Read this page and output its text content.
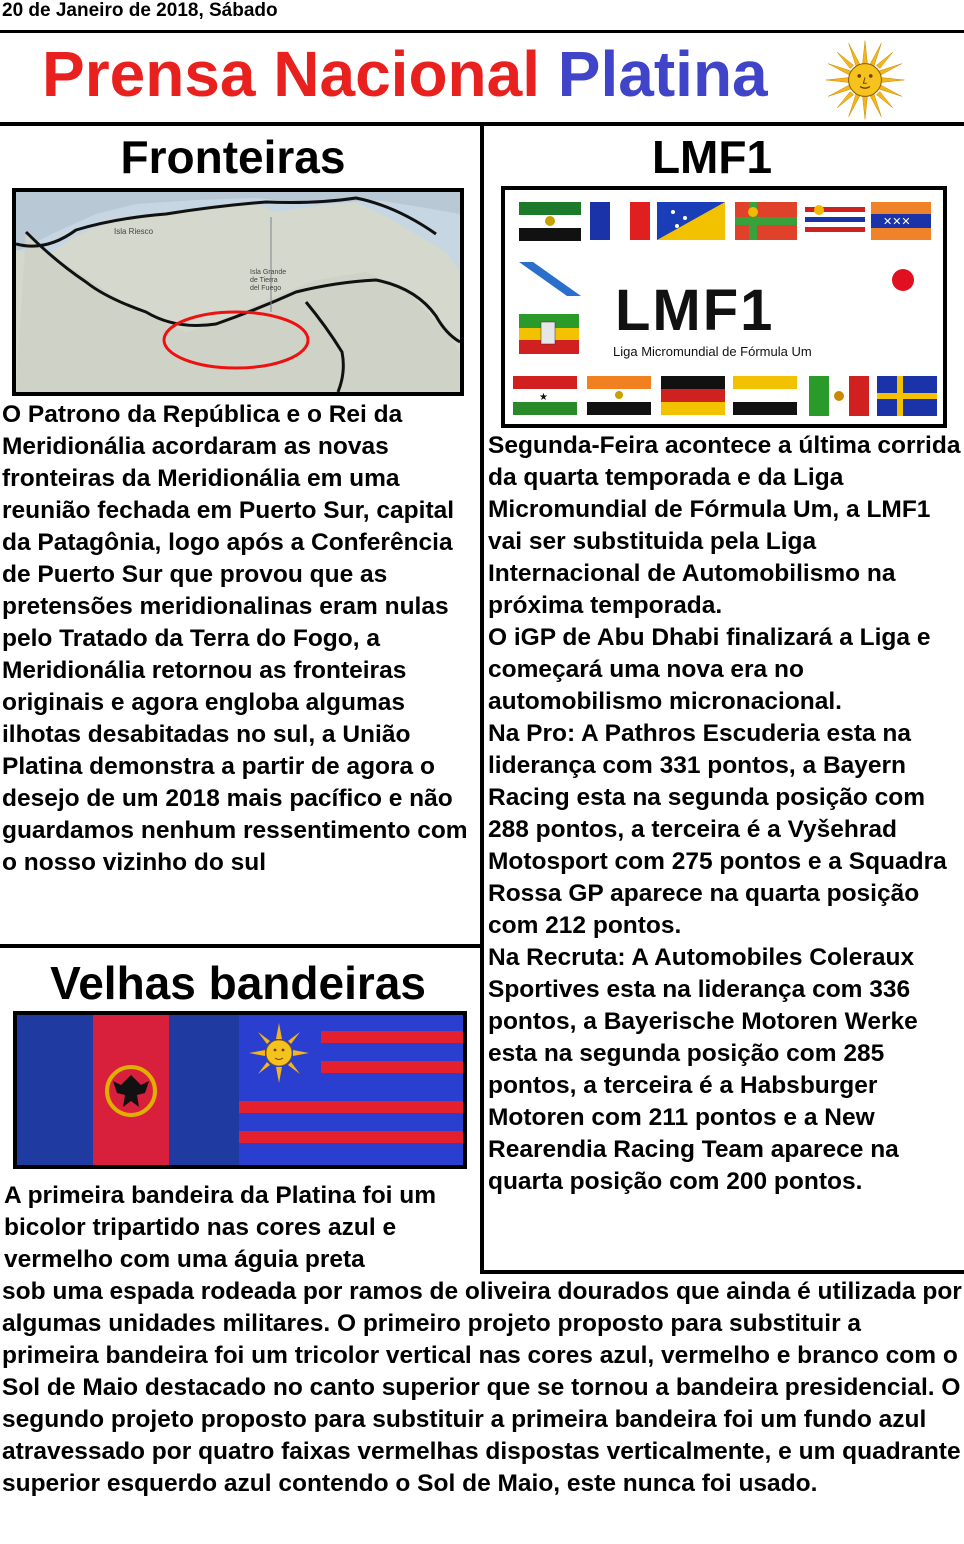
20 de Janeiro de 2018, Sábado
Prensa Nacional Platina
Fronteiras
Isla Riesco
Isla Grande de Tierra del Fuego

O Patrono da República e o Rei da Meridionália acordaram as novas fronteiras da Meridionália em uma reunião fechada em Puerto Sur, capital da Patagônia, logo após a Conferência de Puerto Sur que provou que as pretensões meridionalinas eram nulas pelo Tratado da Terra do Fogo, a Meridionália retornou as fronteiras originais e agora engloba algumas ilhotas desabitadas no sul, a União Platina demonstra a partir de agora o desejo de um 2018 mais pacífico e não guardamos nenhum ressentimento com o nosso vizinho do sul

LMF1
✕✕✕
LMF1
Liga Micromundial de Fórmula Um
★

Segunda-Feira acontece a última corrida da quarta temporada e da Liga Micromundial de Fórmula Um, a LMF1 vai ser substituida pela Liga Internacional de Automobilismo na próxima temporada.

O iGP de Abu Dhabi finalizará a Liga e começará uma nova era no automobilismo micronacional.

Na Pro: A Pathros Escuderia esta na liderança com 331 pontos, a Bayern Racing esta na segunda posição com 288 pontos, a terceira é a Vyšehrad Motosport com 275 pontos e a Squadra Rossa GP aparece na quarta posição com 212 pontos.

Na Recruta: A Automobiles Coleraux Sportives esta na liderança com 336 pontos, a Bayerische Motoren Werke esta na segunda posição com 285 pontos, a terceira é a Habsburger Motoren com 211 pontos e a New Rearendia Racing Team aparece na quarta posição com 200 pontos.

Velhas bandeiras

A primeira bandeira da Platina foi um bicolor tripartido nas cores azul e vermelho com uma águia preta

sob uma espada rodeada por ramos de oliveira dourados que ainda é utilizada por algumas unidades militares. O primeiro projeto proposto para substituir a primeira bandeira foi um tricolor vertical nas cores azul, vermelho e branco com o Sol de Maio destacado no canto superior que se tornou a bandeira presidencial. O segundo projeto proposto para substituir a primeira bandeira foi um fundo azul atravessado por quatro faixas vermelhas dispostas verticalmente, e um quadrante superior esquerdo azul contendo o Sol de Maio, este nunca foi usado.
